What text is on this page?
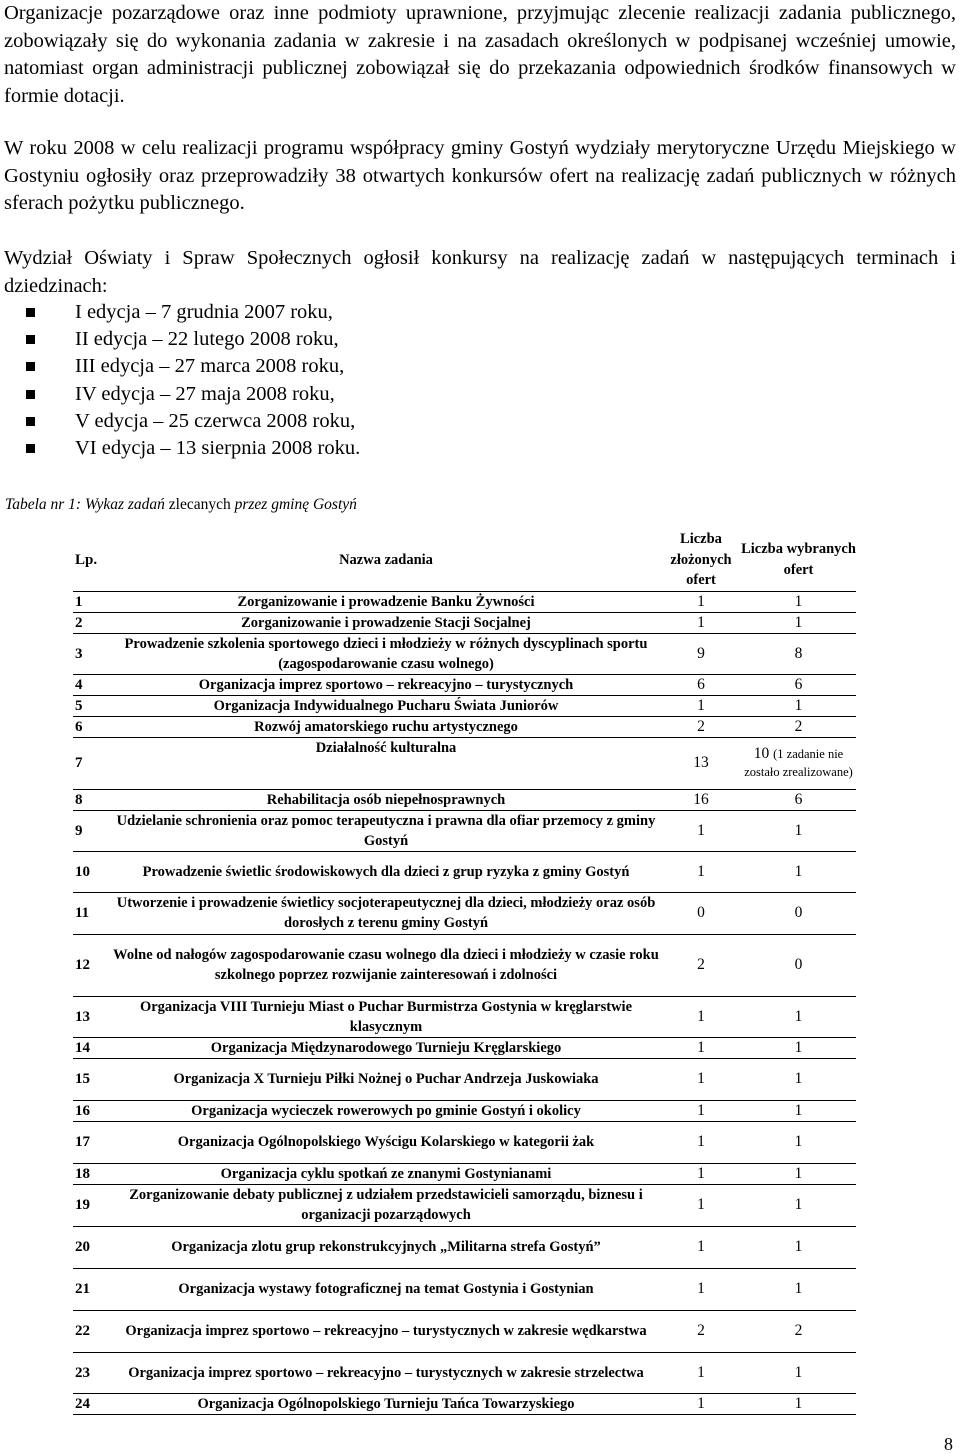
Organizacje pozarządowe oraz inne podmioty uprawnione, przyjmując zlecenie realizacji zadania publicznego, zobowiązały się do wykonania zadania w zakresie i na zasadach określonych w podpisanej wcześniej umowie, natomiast organ administracji publicznej zobowiązał się do przekazania odpowiednich środków finansowych w formie dotacji.

W roku 2008 w celu realizacji programu współpracy gminy Gostyń wydziały merytoryczne Urzędu Miejskiego w Gostyniu ogłosiły oraz przeprowadziły 38 otwartych konkursów ofert na realizację zadań publicznych w różnych sferach pożytku publicznego.

Wydział Oświaty i Spraw Społecznych ogłosił konkursy na realizację zadań w następujących terminach i dziedzinach:

I edycja – 7 grudnia 2007 roku,
II edycja – 22 lutego 2008 roku,
III edycja – 27 marca 2008 roku,
IV edycja – 27 maja 2008 roku,
V edycja – 25 czerwca 2008 roku,
VI edycja – 13 sierpnia 2008 roku.
Tabela nr 1: Wykaz zadań zlecanych przez gminę Gostyń
Lp.	Nazwa zadania	Liczba złożonych ofert	Liczba wybranych ofert
1	Zorganizowanie i prowadzenie Banku Żywności	1	1
2	Zorganizowanie i prowadzenie Stacji Socjalnej	1	1
3	Prowadzenie szkolenia sportowego dzieci i młodzieży w różnych dyscyplinach sportu (zagospodarowanie czasu wolnego)	9	8
4	Organizacja imprez sportowo – rekreacyjno – turystycznych	6	6
5	Organizacja Indywidualnego Pucharu Świata Juniorów	1	1
6	Rozwój amatorskiego ruchu artystycznego	2	2
7	Działalność kulturalna	13	10 (1 zadanie nie zostało zrealizowane)
8	Rehabilitacja osób niepełnosprawnych	16	6
9	Udzielanie schronienia oraz pomoc terapeutyczna i prawna dla ofiar przemocy z gminy Gostyń	1	1
10	Prowadzenie świetlic środowiskowych dla dzieci z grup ryzyka z gminy Gostyń	1	1
11	Utworzenie i prowadzenie świetlicy socjoterapeutycznej dla dzieci, młodzieży oraz osób dorosłych z terenu gminy Gostyń	0	0
12	Wolne od nałogów zagospodarowanie czasu wolnego dla dzieci i młodzieży w czasie roku szkolnego poprzez rozwijanie zainteresowań i zdolności	2	0
13	Organizacja VIII Turnieju Miast o Puchar Burmistrza Gostynia w kręglarstwie klasycznym	1	1
14	Organizacja Międzynarodowego Turnieju Kręglarskiego	1	1
15	Organizacja X Turnieju Piłki Nożnej o Puchar Andrzeja Juskowiaka	1	1
16	Organizacja wycieczek rowerowych po gminie Gostyń i okolicy	1	1
17	Organizacja Ogólnopolskiego Wyścigu Kolarskiego w kategorii żak	1	1
18	Organizacja cyklu spotkań ze znanymi Gostynianami	1	1
19	Zorganizowanie debaty publicznej z udziałem przedstawicieli samorządu, biznesu i organizacji pozarządowych	1	1
20	Organizacja zlotu grup rekonstrukcyjnych „Militarna strefa Gostyń”	1	1
21	Organizacja wystawy fotograficznej na temat Gostynia i Gostynian	1	1
22	Organizacja imprez sportowo – rekreacyjno – turystycznych w zakresie wędkarstwa	2	2
23	Organizacja imprez sportowo – rekreacyjno – turystycznych w zakresie strzelectwa	1	1
24	Organizacja Ogólnopolskiego Turnieju Tańca Towarzyskiego	1	1
8
